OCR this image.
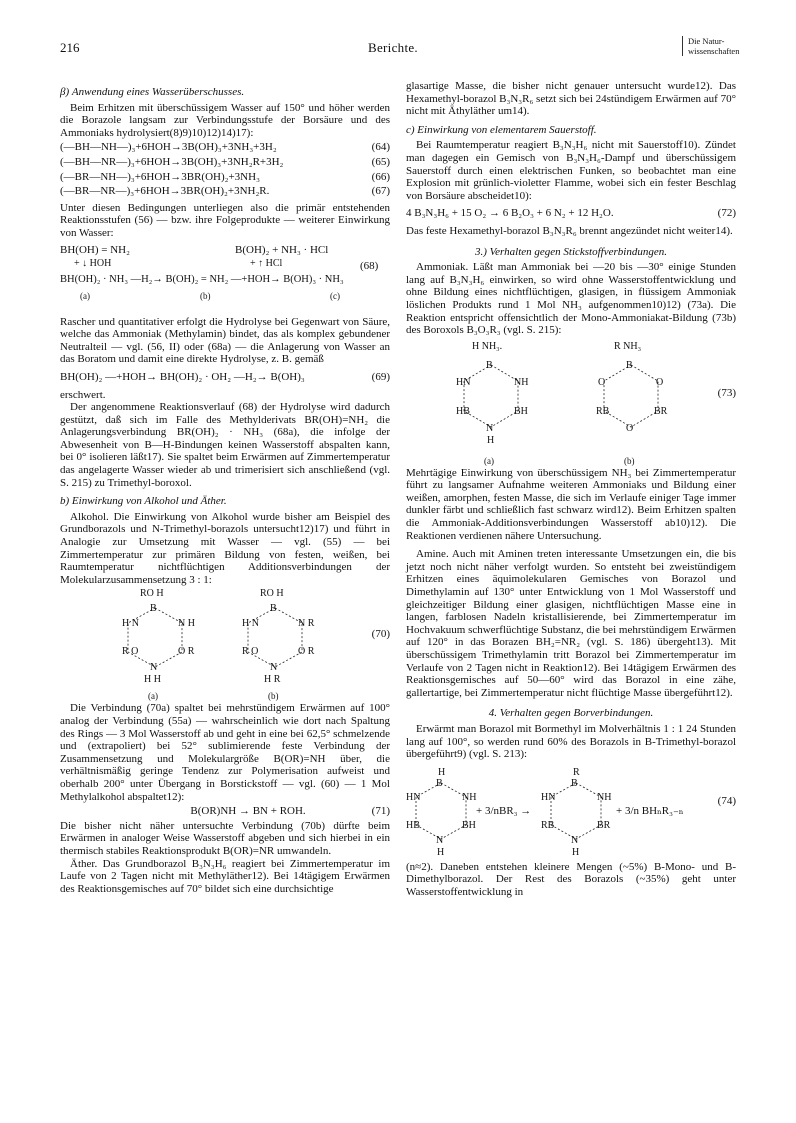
216	Berichte.	Die Natur-
wissenschaften
β) Anwendung eines Wasserüberschusses.

Beim Erhitzen mit überschüssigem Wasser auf 150° und höher werden die Borazole langsam zur Verbindungsstufe der Borsäure und des Ammoniaks hydrolysiert(8)9)10)12)14)17):

(—BH—NH—)₃+6HOH→3B(OH)₃+3NH₃+3H₂	(64)
(—BH—NR—)₃+6HOH→3B(OH)₃+3NH₂R+3H₂	(65)
(—BR—NH—)₃+6HOH→3BR(OH)₂+3NH₃	(66)
(—BR—NR—)₃+6HOH→3BR(OH)₂+3NH₂R.	(67)

Unter diesen Bedingungen unterliegen also die primär entstehenden Reaktionsstufen (56) — bzw. ihre Folgeprodukte — weiterer Einwirkung von Wasser:

BH(OH) = NH₂	B(OH)₂ + NH₃ · HCl
+ ↓ HOH	+ ↑ HCl
BH(OH)₂ · NH₃ —H₂→ B(OH)₂ = NH₂ —+HOH→ B(OH)₃ · NH₃
(a)	(b)	(c)
(68)

Rascher und quantitativer erfolgt die Hydrolyse bei Gegenwart von Säure, welche das Ammoniak (Methylamin) bindet, das als komplex gebundener Neutralteil — vgl. (56, II) oder (68a) — die Anlagerung von Wasser an das Boratom und damit eine direkte Hydrolyse, z. B. gemäß

BH(OH)₂ —+HOH→ BH(OH)₂ · OH₂ —H₂→ B(OH)₃	(69)

erschwert.

Der angenommene Reaktionsverlauf (68) der Hydrolyse wird dadurch gestützt, daß sich im Falle des Methylderivats BR(OH)=NH₂ die Anlagerungsverbindung BR(OH)₂ · NH₃ (68a), die infolge der Abwesenheit von B—H-Bindungen keinen Wasserstoff abspalten kann, bei 0° isolieren läßt17). Sie spaltet beim Erwärmen auf Zimmertemperatur das angelagerte Wasser wieder ab und trimerisiert sich anschließend (vgl. S. 215) zu Trimethyl-boroxol.

b) Einwirkung von Alkohol und Äther.

Alkohol. Die Einwirkung von Alkohol wurde bisher am Beispiel des Grundborazols und N-Trimethyl-borazols untersucht12)17) und führt in Analogie zur Umsetzung mit Wasser — vgl. (55) — bei Zimmertemperatur zur primären Bildung von festen, weißen, bei Raumtemperatur nichtflüchtigen Additionsverbindungen der Molekularzusammensetzung 3 : 1:

B
H N	N H
R O	O R
N
B
H N	N R
R O	O R
N
RO H	RO H
H H	H R
(70)
(a)	(b)

Die Verbindung (70a) spaltet bei mehrstündigem Erwärmen auf 100° analog der Verbindung (55a) — wahrscheinlich wie dort nach Spaltung des Rings — 3 Mol Wasserstoff ab und geht in eine bei 62,5° schmelzende und (extrapoliert) bei 52° sublimierende feste Verbindung der Zusammensetzung und Molekulargröße B(OR)=NH über, die verhältnismäßig geringe Tendenz zur Polymerisation aufweist und oberhalb 200° unter Übergang in Borstickstoff — vgl. (60) — 1 Mol Methylalkohol abspaltet12):

B(OR)NH → BN + ROH.	(71)

Die bisher nicht näher untersuchte Verbindung (70b) dürfte beim Erwärmen in analoger Weise Wasserstoff abgeben und sich hierbei in ein thermisch stabiles Reaktionsprodukt B(OR)=NR umwandeln.

Äther. Das Grundborazol B₃N₃H₆ reagiert bei Zimmertemperatur im Laufe von 2 Tagen nicht mit Methyläther12). Bei 14tägigem Erwärmen des Reaktionsgemisches auf 70° bildet sich eine durchsichtige

glasartige Masse, die bisher nicht genauer untersucht wurde12). Das Hexamethyl-borazol B₃N₃R₆ setzt sich bei 24stündigem Erwärmen auf 70° nicht mit Äthyläther um14).

c) Einwirkung von elementarem Sauerstoff.

Bei Raumtemperatur reagiert B₃N₃H₆ nicht mit Sauerstoff10). Zündet man dagegen ein Gemisch von B₃N₃H₆-Dampf und überschüssigem Sauerstoff durch einen elektrischen Funken, so beobachtet man eine Explosion mit grünlich-violetter Flamme, wobei sich ein fester Beschlag von Borsäure abscheidet10):

4 B₃N₃H₆ + 15 O₂ → 6 B₂O₃ + 6 N₂ + 12 H₂O.	(72)

Das feste Hexamethyl-borazol B₃N₃R₆ brennt angezündet nicht weiter14).

3.) Verhalten gegen Stickstoffverbindungen.

Ammoniak. Läßt man Ammoniak bei —20 bis —30° einige Stunden lang auf B₃N₃H₆ einwirken, so wird ohne Wasserstoffentwicklung und ohne Bildung eines nichtflüchtigen, glasigen, in flüssigem Ammoniak löslichen Produkts rund 1 Mol NH₃ aufgenommen10)12) (73a). Die Reaktion entspricht offensichtlich der Mono-Ammoniakat-Bildung (73b) des Boroxols B₃O₃R₃ (vgl. S. 215):

B
HN	NH
HB	BH
N
H
B
O	O
RB	BR
O
H NH₃.	R NH₃
(73)
(a)	(b)

Mehrtägige Einwirkung von überschüssigem NH₃ bei Zimmertemperatur führt zu langsamer Aufnahme weiteren Ammoniaks und Bildung einer weißen, amorphen, festen Masse, die sich im Verlaufe einiger Tage immer dunkler färbt und schließlich fast schwarz wird12). Beim Erhitzen spalten die Ammoniak-Additionsverbindungen Wasserstoff ab10)12). Die Reaktionen verdienen nähere Untersuchung.

Amine. Auch mit Aminen treten interessante Umsetzungen ein, die bis jetzt noch nicht näher verfolgt wurden. So entsteht bei zweistündigem Erhitzen eines äquimolekularen Gemisches von Borazol und Dimethylamin auf 130° unter Entwicklung von 1 Mol Wasserstoff und gleichzeitiger Bildung einer glasigen, nichtflüchtigen Masse eine in langen, farblosen Nadeln kristallisierende, bei Zimmertemperatur im Hochvakuum schwerflüchtige Substanz, die bei mehrstündigem Erwärmen auf 120° in das Borazen BH₂=NR₂ (vgl. S. 186) übergeht13). Mit überschüssigem Trimethylamin tritt Borazol bei Zimmertemperatur im Verlaufe von 2 Tagen nicht in Reaktion12). Bei 14tägigem Erwärmen des Reaktionsgemisches auf 50—60° wird das Borazol in eine zähe, gallertartige, bei Zimmertemperatur nicht flüchtige Masse übergeführt12).

4. Verhalten gegen Borverbindungen.

Erwärmt man Borazol mit Bormethyl im Molverhältnis 1 : 1 24 Stunden lang auf 100°, so werden rund 60% des Borazols in B-Trimethyl-borazol übergeführt9) (vgl. S. 213):

H
B
HN	NH
HB	BH
N
H
R
B
HN	NH
RB	BR
N
H
+ 3/nBR₃ →	+ 3/n BHₙR₃₋ₙ
(74)

(n≈2). Daneben entstehen kleinere Mengen (~5%) B-Mono- und B-Dimethylborazol. Der Rest des Borazols (~35%) geht unter Wasserstoffentwicklung in
